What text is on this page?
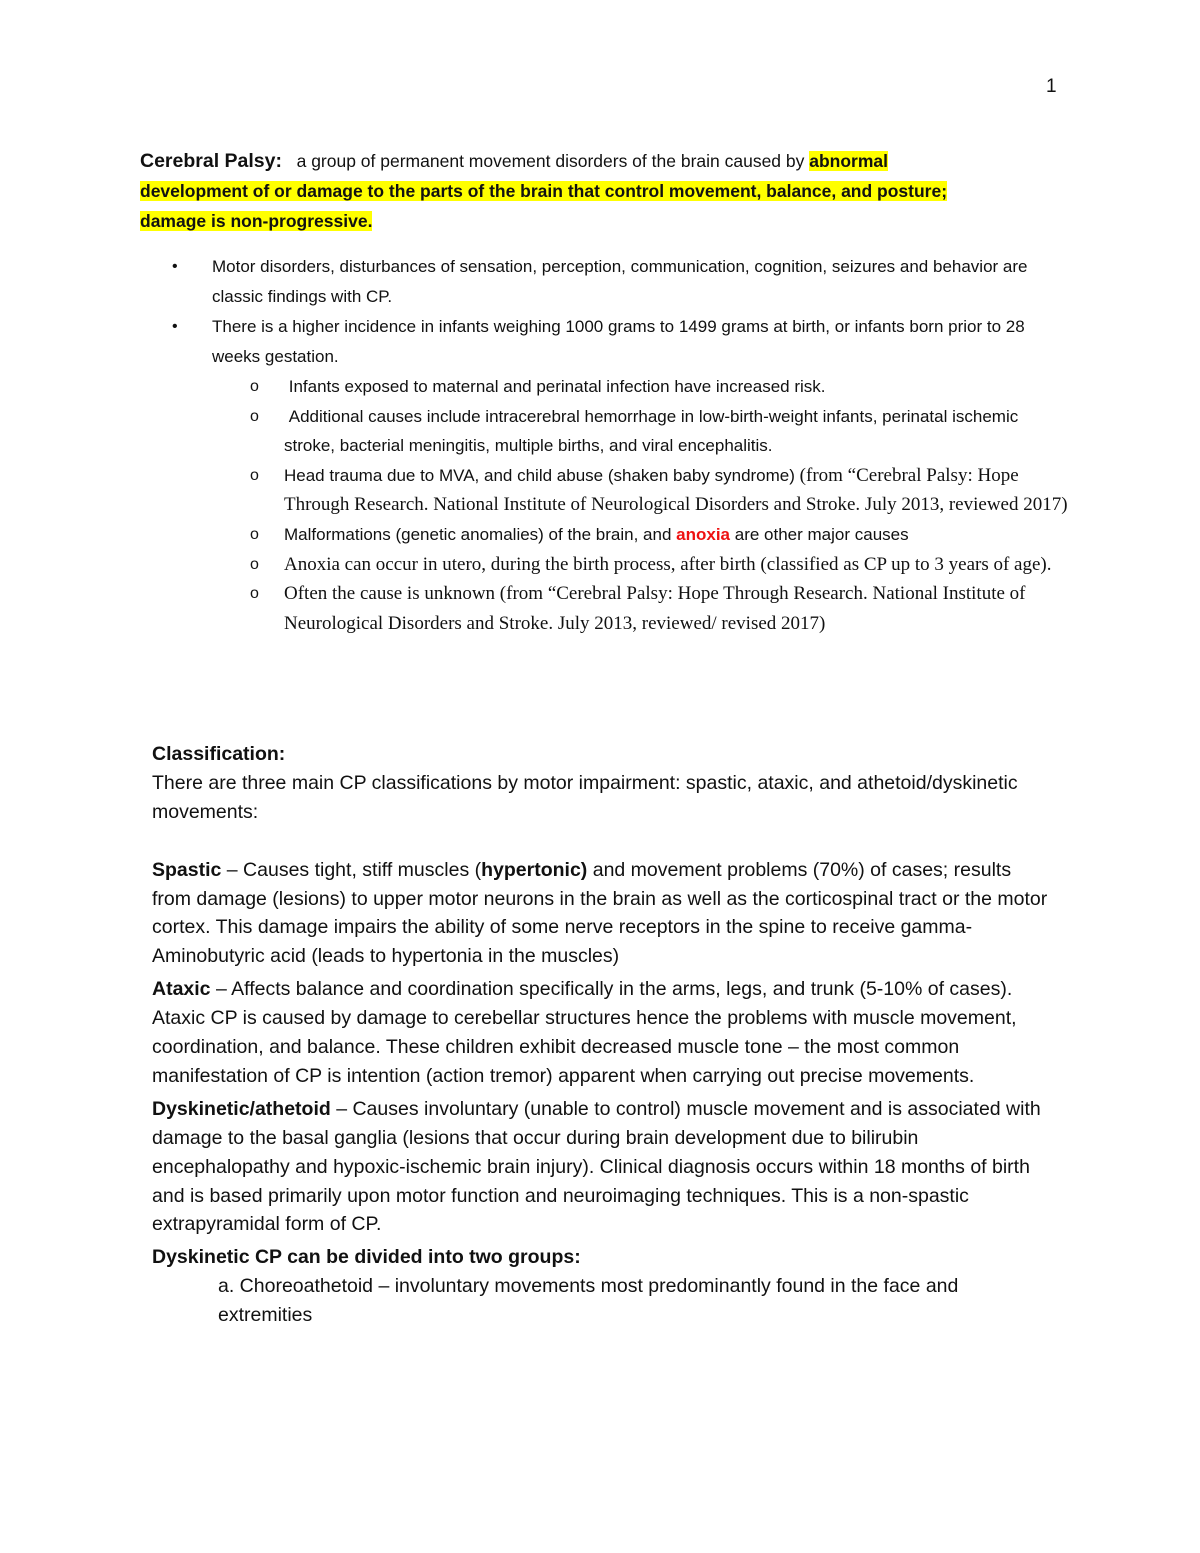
1
Cerebral Palsy: a group of permanent movement disorders of the brain caused by abnormal
development of or damage to the parts of the brain that control movement, balance, and posture;
damage is non-progressive.
• Motor disorders, disturbances of sensation, perception, communication, cognition, seizures and behavior are classic findings with CP.
• There is a higher incidence in infants weighing 1000 grams to 1499 grams at birth, or infants born prior to 28 weeks gestation.
o Infants exposed to maternal and perinatal infection have increased risk.
o Additional causes include intracerebral hemorrhage in low-birth-weight infants, perinatal ischemic stroke, bacterial meningitis, multiple births, and viral encephalitis.
o Head trauma due to MVA, and child abuse (shaken baby syndrome) (from “Cerebral Palsy: Hope Through Research. National Institute of Neurological Disorders and Stroke. July 2013, reviewed 2017)
o Malformations (genetic anomalies) of the brain, and anoxia are other major causes
o Anoxia can occur in utero, during the birth process, after birth (classified as CP up to 3 years of age).
o Often the cause is unknown (from “Cerebral Palsy: Hope Through Research. National Institute of Neurological Disorders and Stroke. July 2013, reviewed/ revised 2017)

Classification:

There are three main CP classifications by motor impairment: spastic, ataxic, and athetoid/dyskinetic movements:

Spastic – Causes tight, stiff muscles (hypertonic) and movement problems (70%) of cases; results from damage (lesions) to upper motor neurons in the brain as well as the corticospinal tract or the motor cortex. This damage impairs the ability of some nerve receptors in the spine to receive gamma-Aminobutyric acid (leads to hypertonia in the muscles)

Ataxic – Affects balance and coordination specifically in the arms, legs, and trunk (5-10% of cases). Ataxic CP is caused by damage to cerebellar structures hence the problems with muscle movement, coordination, and balance. These children exhibit decreased muscle tone – the most common manifestation of CP is intention (action tremor) apparent when carrying out precise movements.

Dyskinetic/athetoid – Causes involuntary (unable to control) muscle movement and is associated with damage to the basal ganglia (lesions that occur during brain development due to bilirubin encephalopathy and hypoxic-ischemic brain injury). Clinical diagnosis occurs within 18 months of birth and is based primarily upon motor function and neuroimaging techniques. This is a non-spastic extrapyramidal form of CP.

Dyskinetic CP can be divided into two groups:

a. Choreoathetoid – involuntary movements most predominantly found in the face and extremities
